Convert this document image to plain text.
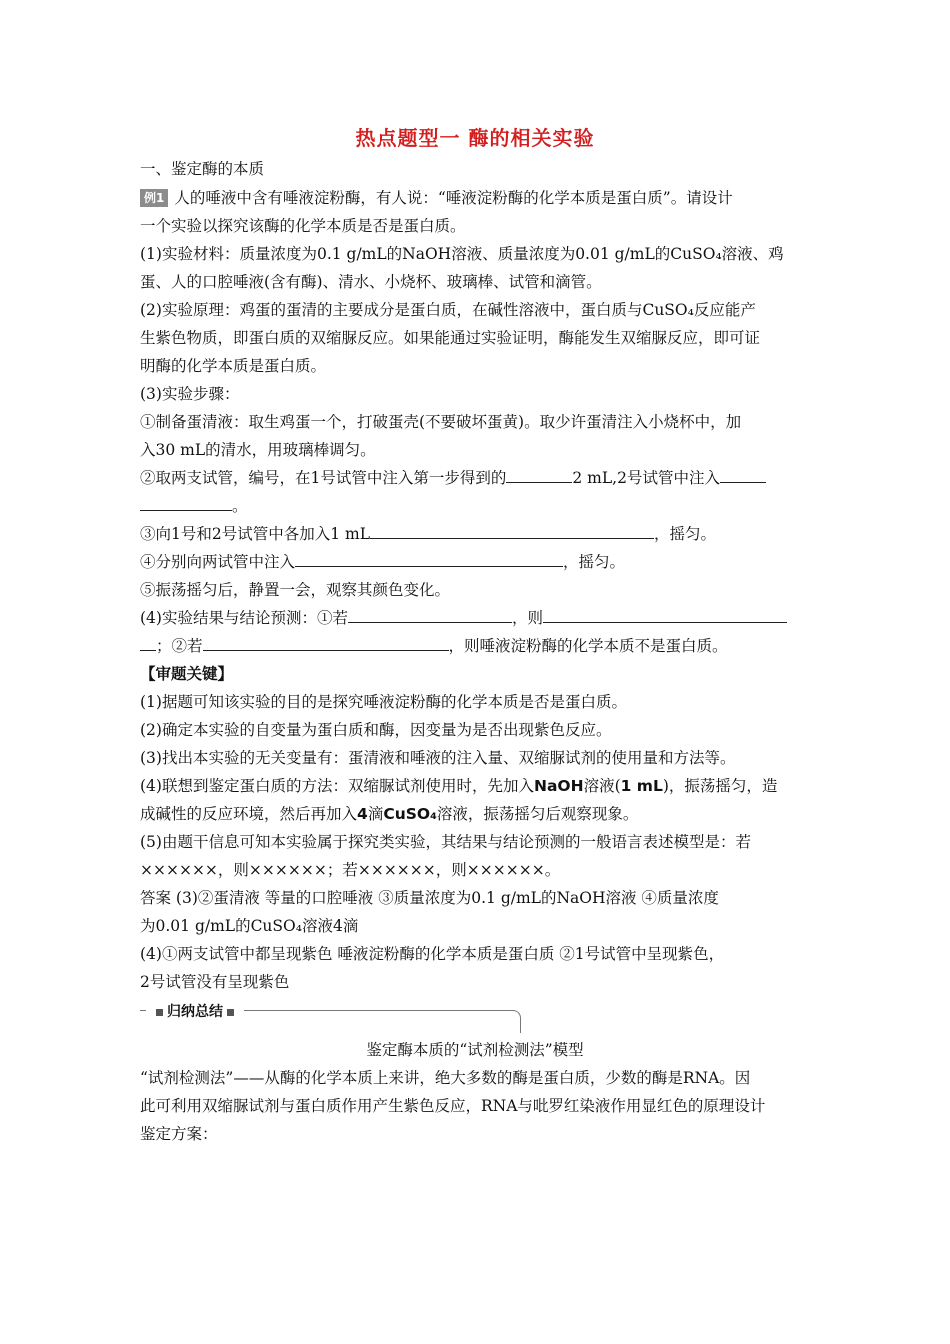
热点题型一 酶的相关实验
一、鉴定酶的本质
例1 人的唾液中含有唾液淀粉酶，有人说：“唾液淀粉酶的化学本质是蛋白质”。请设计
一个实验以探究该酶的化学本质是否是蛋白质。
(1)实验材料：质量浓度为0.1 g/mL的NaOH溶液、质量浓度为0.01 g/mL的CuSO₄溶液、鸡
蛋、人的口腔唾液(含有酶)、清水、小烧杯、玻璃棒、试管和滴管。
(2)实验原理：鸡蛋的蛋清的主要成分是蛋白质，在碱性溶液中，蛋白质与CuSO₄反应能产
生紫色物质，即蛋白质的双缩脲反应。如果能通过实验证明，酶能发生双缩脲反应，即可证
明酶的化学本质是蛋白质。
(3)实验步骤：
①制备蛋清液：取生鸡蛋一个，打破蛋壳(不要破坏蛋黄)。取少许蛋清注入小烧杯中，加
入30 mL的清水，用玻璃棒调匀。
②取两支试管，编号，在1号试管中注入第一步得到的	2 mL,2号试管中注入
。
③向1号和2号试管中各加入1 mL	，摇匀。
④分别向两试管中注入	，摇匀。
⑤振荡摇匀后，静置一会，观察其颜色变化。
(4)实验结果与结论预测：①若	，则
；②若	，则唾液淀粉酶的化学本质不是蛋白质。
【审题关键】
(1)据题可知该实验的目的是探究唾液淀粉酶的化学本质是否是蛋白质。
(2)确定本实验的自变量为蛋白质和酶，因变量为是否出现紫色反应。
(3)找出本实验的无关变量有：蛋清液和唾液的注入量、双缩脲试剂的使用量和方法等。
(4)联想到鉴定蛋白质的方法：双缩脲试剂使用时，先加入NaOH溶液(1 mL)，振荡摇匀，造
成碱性的反应环境，然后再加入4滴CuSO₄溶液，振荡摇匀后观察现象。
(5)由题干信息可知本实验属于探究类实验，其结果与结论预测的一般语言表述模型是：若
××××××，则××××××；若××××××，则××××××。
答案 (3)②蛋清液 等量的口腔唾液 ③质量浓度为0.1 g/mL的NaOH溶液 ④质量浓度
为0.01 g/mL的CuSO₄溶液4滴
(4)①两支试管中都呈现紫色 唾液淀粉酶的化学本质是蛋白质 ②1号试管中呈现紫色，
2号试管没有呈现紫色
归纳总结
鉴定酶本质的“试剂检测法”模型
“试剂检测法”——从酶的化学本质上来讲，绝大多数的酶是蛋白质，少数的酶是RNA。因
此可利用双缩脲试剂与蛋白质作用产生紫色反应，RNA与吡罗红染液作用显红色的原理设计
鉴定方案：
